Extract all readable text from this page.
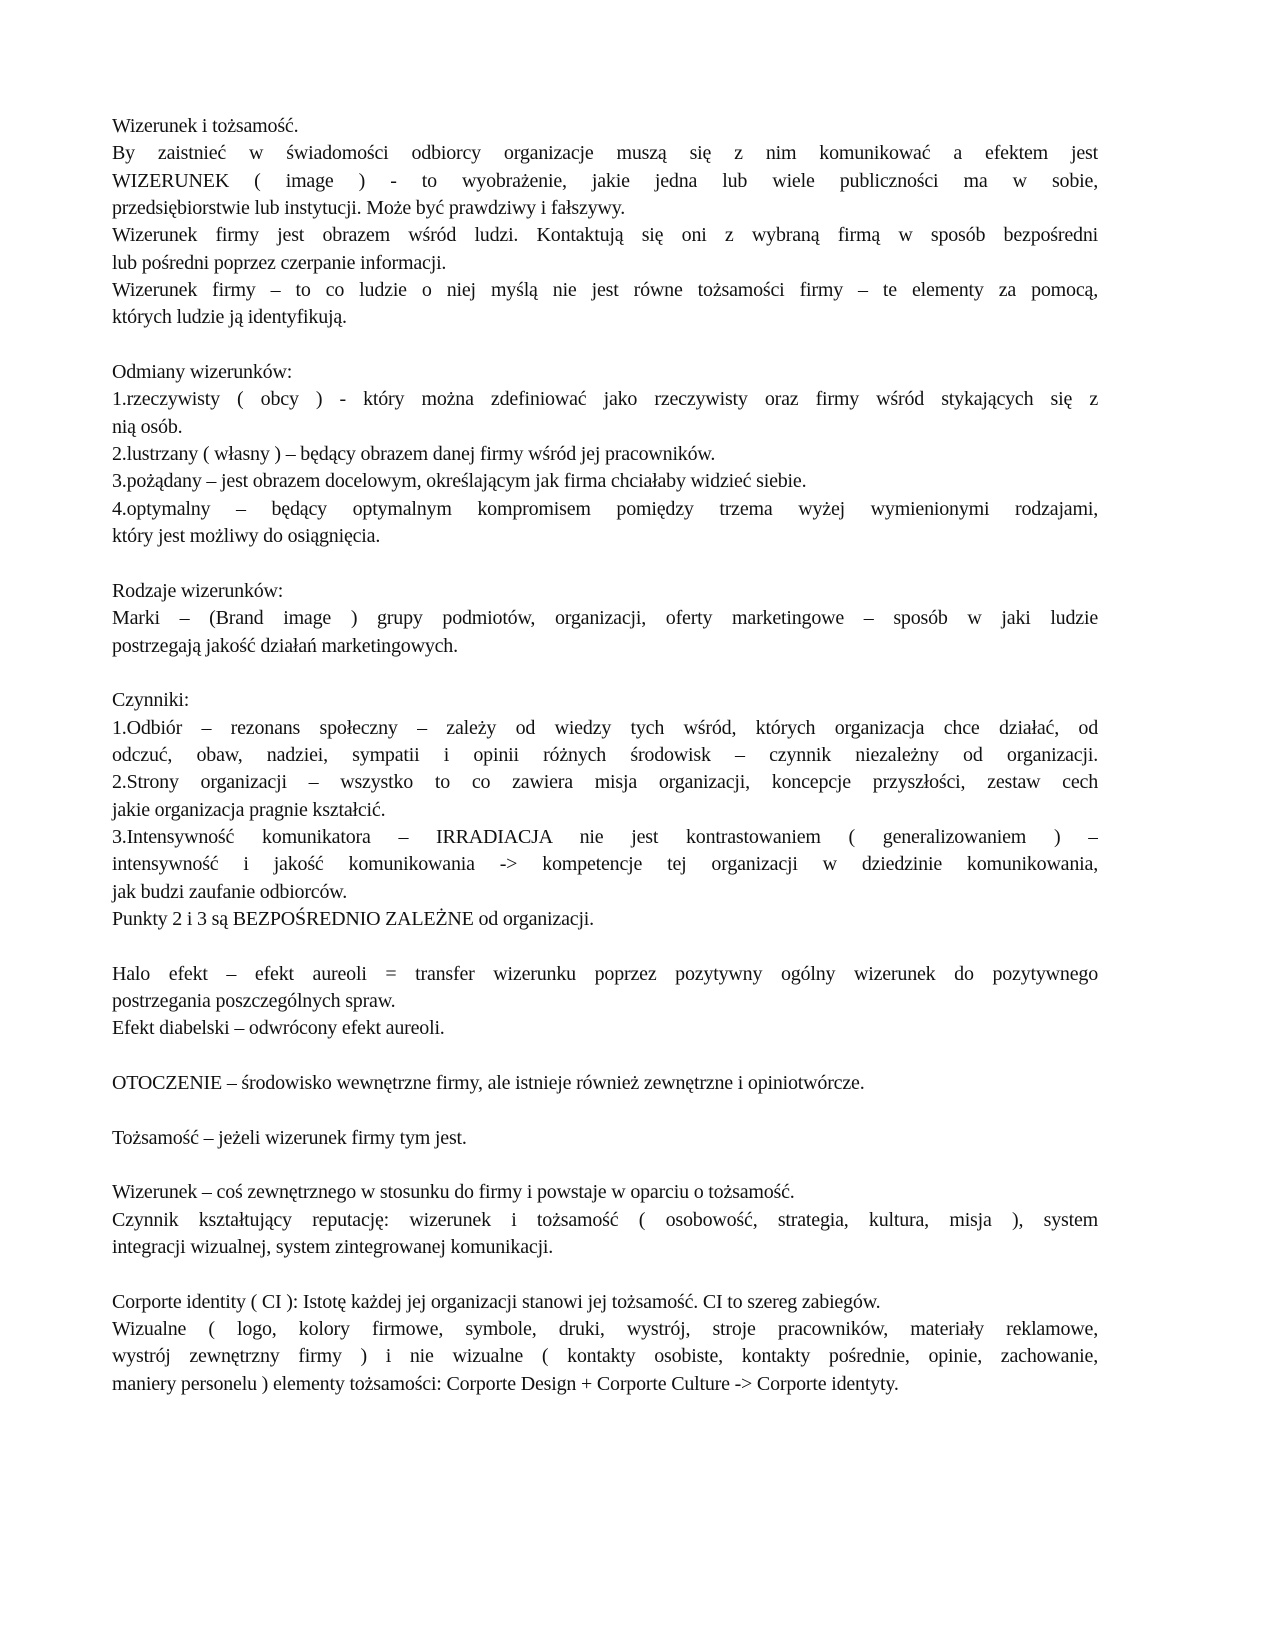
Wizerunek i tożsamość.
By zaistnieć w świadomości odbiorcy organizacje muszą się z nim komunikować a efektem jest
WIZERUNEK ( image ) - to wyobrażenie, jakie jedna lub wiele publiczności ma w sobie,
przedsiębiorstwie lub instytucji. Może być prawdziwy i fałszywy.
Wizerunek firmy jest obrazem wśród ludzi. Kontaktują się oni z wybraną firmą w sposób bezpośredni
lub pośredni poprzez czerpanie informacji.
Wizerunek firmy – to co ludzie o niej myślą nie jest równe tożsamości firmy – te elementy za pomocą,
których ludzie ją identyfikują.
Odmiany wizerunków:
1.rzeczywisty ( obcy ) - który można zdefiniować jako rzeczywisty oraz firmy wśród stykających się z
nią osób.
2.lustrzany ( własny ) – będący obrazem danej firmy wśród jej pracowników.
3.pożądany – jest obrazem docelowym, określającym jak firma chciałaby widzieć siebie.
4.optymalny – będący optymalnym kompromisem pomiędzy trzema wyżej wymienionymi rodzajami,
który jest możliwy do osiągnięcia.
Rodzaje wizerunków:
Marki – (Brand image ) grupy podmiotów, organizacji, oferty marketingowe – sposób w jaki ludzie
postrzegają jakość działań marketingowych.
Czynniki:
1.Odbiór – rezonans społeczny – zależy od wiedzy tych wśród, których organizacja chce działać, od
odczuć, obaw, nadziei, sympatii i opinii różnych środowisk – czynnik niezależny od organizacji.
2.Strony organizacji – wszystko to co zawiera misja organizacji, koncepcje przyszłości, zestaw cech
jakie organizacja pragnie kształcić.
3.Intensywność komunikatora – IRRADIACJA nie jest kontrastowaniem ( generalizowaniem ) –
intensywność i jakość komunikowania -> kompetencje tej organizacji w dziedzinie komunikowania,
jak budzi zaufanie odbiorców.
Punkty 2 i 3 są BEZPOŚREDNIO ZALEŻNE od organizacji.
Halo efekt – efekt aureoli = transfer wizerunku poprzez pozytywny ogólny wizerunek do pozytywnego
postrzegania poszczególnych spraw.
Efekt diabelski – odwrócony efekt aureoli.
OTOCZENIE – środowisko wewnętrzne firmy, ale istnieje również zewnętrzne i opiniotwórcze.
Tożsamość – jeżeli wizerunek firmy tym jest.
Wizerunek – coś zewnętrznego w stosunku do firmy i powstaje w oparciu o tożsamość.
Czynnik kształtujący reputację: wizerunek i tożsamość ( osobowość, strategia, kultura, misja ), system
integracji wizualnej, system zintegrowanej komunikacji.
Corporte identity ( CI ): Istotę każdej jej organizacji stanowi jej tożsamość. CI to szereg zabiegów.
Wizualne ( logo, kolory firmowe, symbole, druki, wystrój, stroje pracowników, materiały reklamowe,
wystrój zewnętrzny firmy ) i nie wizualne ( kontakty osobiste, kontakty pośrednie, opinie, zachowanie,
maniery personelu ) elementy tożsamości: Corporte Design + Corporte Culture -> Corporte identyty.
